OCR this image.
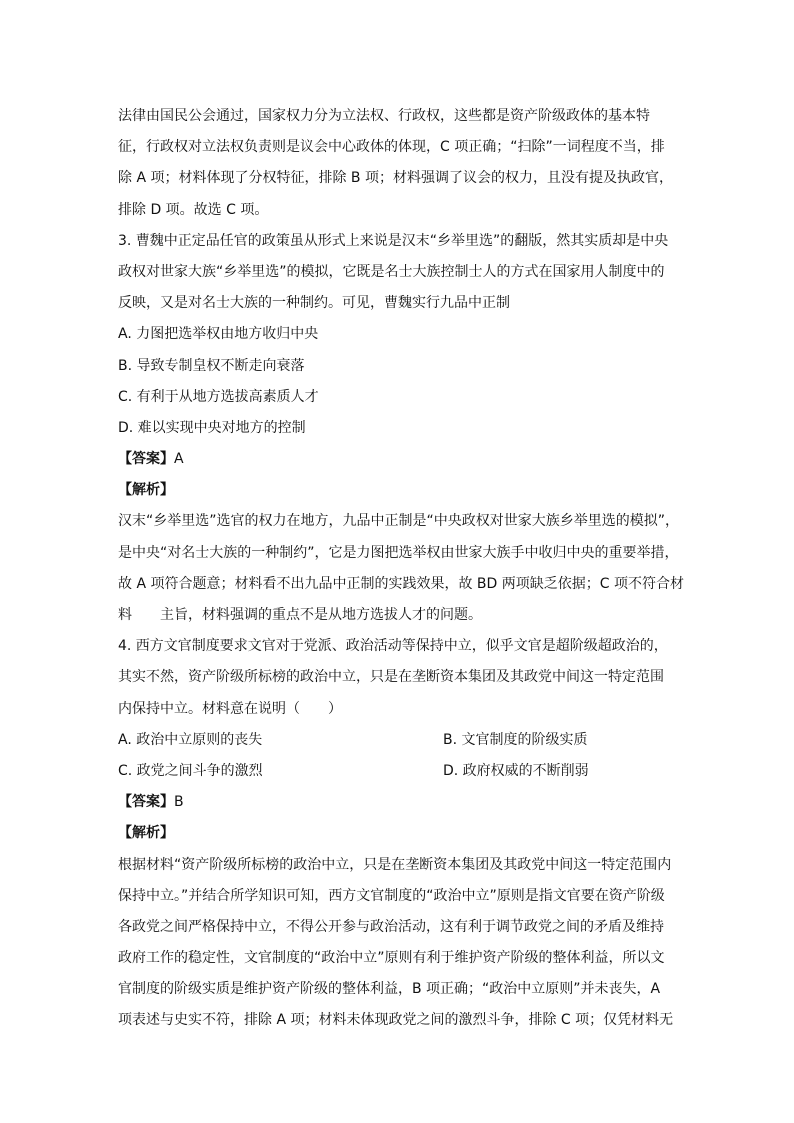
法律由国民公会通过，国家权力分为立法权、行政权，这些都是资产阶级政体的基本特
征，行政权对立法权负责则是议会中心政体的体现，C 项正确；“扫除”一词程度不当，排
除 A 项；材料体现了分权特征，排除 B 项；材料强调了议会的权力，且没有提及执政官，
排除 D 项。故选 C 项。
3. 曹魏中正定品任官的政策虽从形式上来说是汉末“乡举里选”的翻版，然其实质却是中央
政权对世家大族“乡举里选”的模拟，它既是名士大族控制士人的方式在国家用人制度中的
反映，又是对名士大族的一种制约。可见，曹魏实行九品中正制
A. 力图把选举权由地方收归中央
B. 导致专制皇权不断走向衰落
C. 有利于从地方选拔高素质人才
D. 难以实现中央对地方的控制
【答案】A
【解析】
汉末“乡举里选”选官的权力在地方，九品中正制是“中央政权对世家大族乡举里选的模拟”，
是中央“对名士大族的一种制约”，它是力图把选举权由世家大族手中收归中央的重要举措，
故 A 项符合题意；材料看不出九品中正制的实践效果，故 BD 两项缺乏依据；C 项不符合材
料　　主旨，材料强调的重点不是从地方选拔人才的问题。
4. 西方文官制度要求文官对于党派、政治活动等保持中立，似乎文官是超阶级超政治的，
其实不然，资产阶级所标榜的政治中立，只是在垄断资本集团及其政党中间这一特定范围
内保持中立。材料意在说明（　　）
A. 政治中立原则的丧失	B. 文官制度的阶级实质
C. 政党之间斗争的激烈	D. 政府权威的不断削弱
【答案】B
【解析】
根据材料“资产阶级所标榜的政治中立，只是在垄断资本集团及其政党中间这一特定范围内
保持中立。”并结合所学知识可知，西方文官制度的“政治中立”原则是指文官要在资产阶级
各政党之间严格保持中立，不得公开参与政治活动，这有利于调节政党之间的矛盾及维持
政府工作的稳定性，文官制度的“政治中立”原则有利于维护资产阶级的整体利益，所以文
官制度的阶级实质是维护资产阶级的整体利益，B 项正确；“政治中立原则”并未丧失，A
项表述与史实不符，排除 A 项；材料未体现政党之间的激烈斗争，排除 C 项；仅凭材料无
